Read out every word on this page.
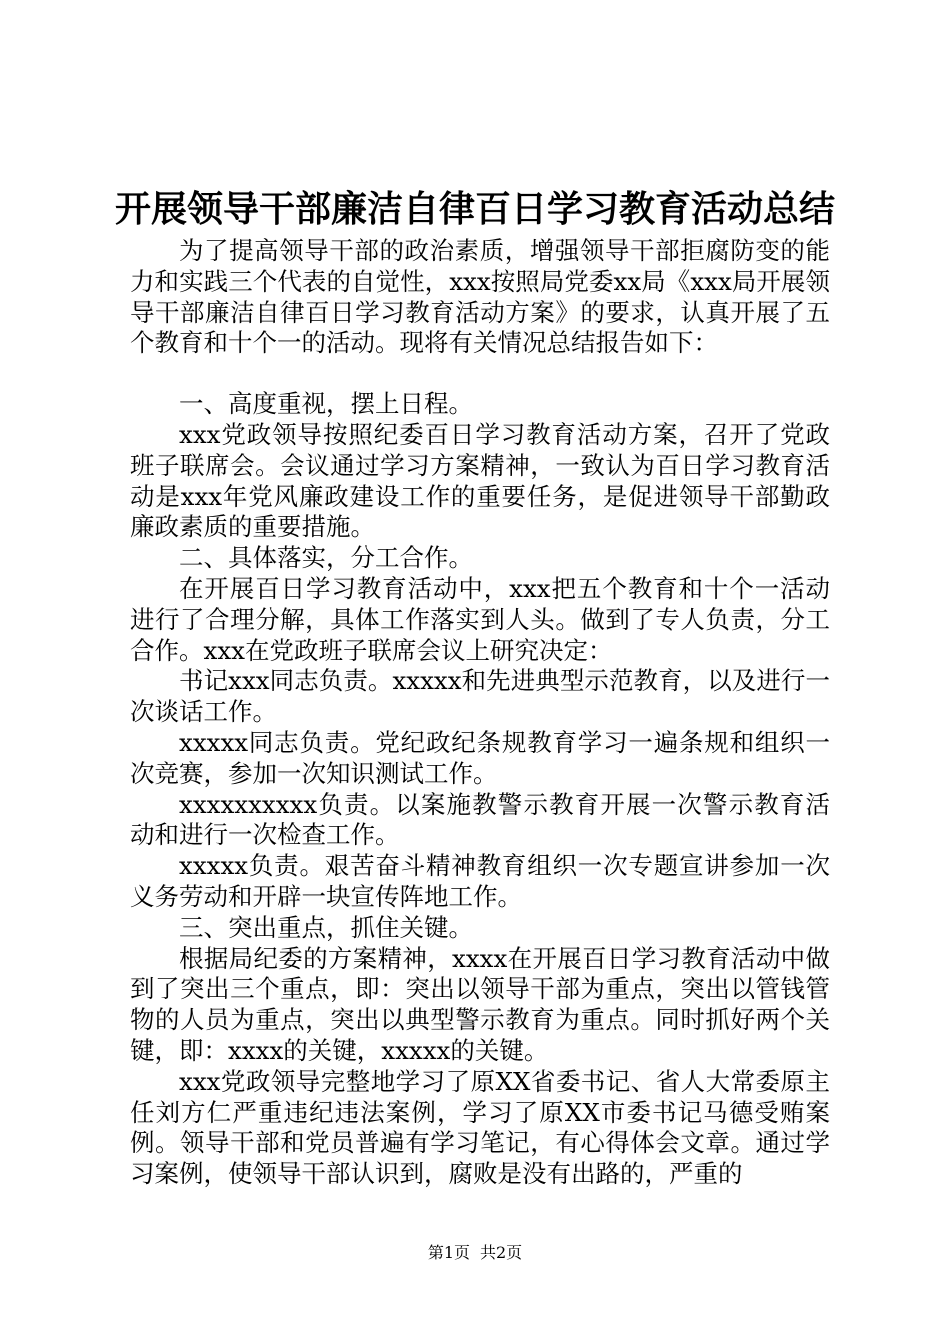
开展领导干部廉洁自律百日学习教育活动总结

为了提高领导干部的政治素质，增强领导干部拒腐防变的能力和实践三个代表的自觉性，xxx按照局党委xx局《xxx局开展领导干部廉洁自律百日学习教育活动方案》的要求，认真开展了五个教育和十个一的活动。现将有关情况总结报告如下：

一、高度重视，摆上日程。

xxx党政领导按照纪委百日学习教育活动方案，召开了党政班子联席会。会议通过学习方案精神，一致认为百日学习教育活动是xxx年党风廉政建设工作的重要任务，是促进领导干部勤政廉政素质的重要措施。

二、具体落实，分工合作。

在开展百日学习教育活动中，xxx把五个教育和十个一活动进行了合理分解，具体工作落实到人头。做到了专人负责，分工合作。xxx在党政班子联席会议上研究决定：

书记xxx同志负责。xxxxx和先进典型示范教育，以及进行一次谈话工作。

xxxxx同志负责。党纪政纪条规教育学习一遍条规和组织一次竞赛，参加一次知识测试工作。

xxxxxxxxxx负责。以案施教警示教育开展一次警示教育活动和进行一次检查工作。

xxxxx负责。艰苦奋斗精神教育组织一次专题宣讲参加一次义务劳动和开辟一块宣传阵地工作。

三、突出重点，抓住关键。

根据局纪委的方案精神，xxxx在开展百日学习教育活动中做到了突出三个重点，即：突出以领导干部为重点，突出以管钱管物的人员为重点，突出以典型警示教育为重点。同时抓好两个关键，即：xxxx的关键，xxxxx的关键。

xxx党政领导完整地学习了原XX省委书记、省人大常委原主任刘方仁严重违纪违法案例，学习了原XX市委书记马德受贿案例。领导干部和党员普遍有学习笔记，有心得体会文章。通过学习案例，使领导干部认识到，腐败是没有出路的，严重的

第1页 共2页
